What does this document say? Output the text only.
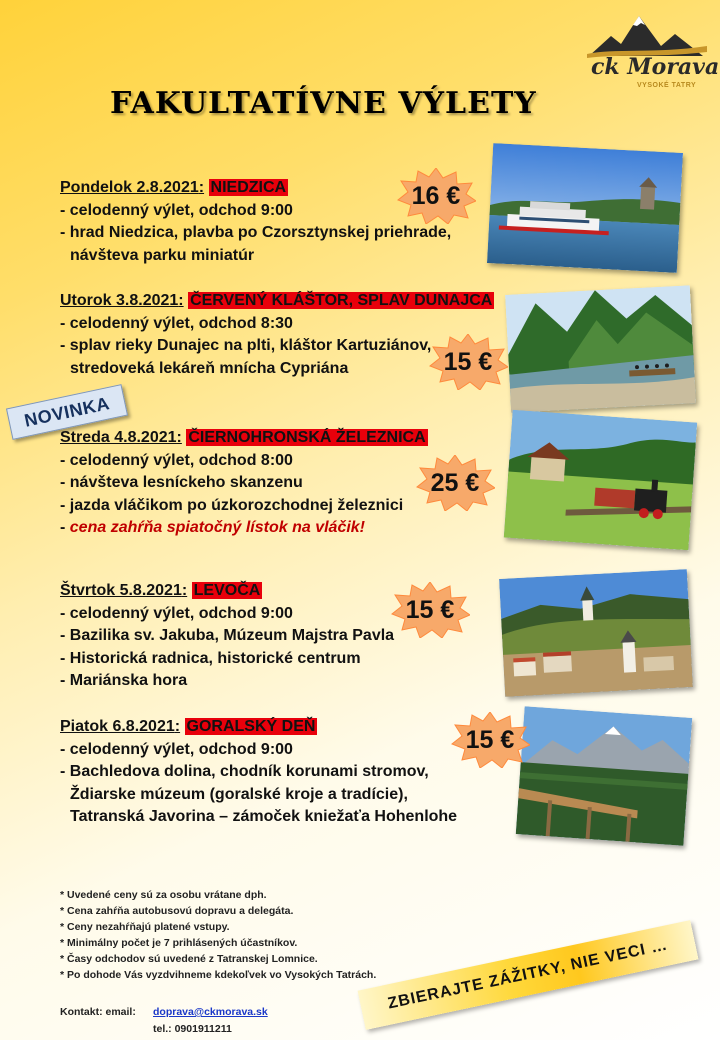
ck Morava
VYSOKÉ TATRY
FAKULTATÍVNE VÝLETY
NOVINKA
Pondelok 2.8.2021: NIEDZICA
- celodenný výlet, odchod 9:00
- hrad Niedzica, plavba po Czorsztynskej priehrade,
návšteva parku miniatúr
Utorok 3.8.2021: ČERVENÝ KLÁŠTOR, SPLAV DUNAJCA
- celodenný výlet, odchod 8:30
- splav rieky Dunajec na plti, kláštor Kartuziánov,
stredoveká lekáreň mnícha Cypriána
Streda 4.8.2021: ČIERNOHRONSKÁ ŽELEZNICA
- celodenný výlet, odchod 8:00
- návšteva lesníckeho skanzenu
- jazda vláčikom po úzkorozchodnej železnici
- cena zahŕňa spiatočný lístok na vláčik!
Štvrtok 5.8.2021: LEVOČA
- celodenný výlet, odchod 9:00
- Bazilika sv. Jakuba, Múzeum Majstra Pavla
- Historická radnica, historické centrum
- Mariánska hora
Piatok 6.8.2021: GORALSKÝ DEŇ
- celodenný výlet, odchod 9:00
- Bachledova dolina, chodník korunami stromov,
Ždiarske múzeum (goralské kroje a tradície),
Tatranská Javorina – zámoček kniežaťa Hohenlohe
16 €
15 €
25 €
15 €
15 €
* Uvedené ceny sú za osobu vrátane dph.
* Cena zahŕňa autobusovú dopravu a delegáta.
* Ceny nezahŕňajú platené vstupy.
* Minimálny počet je 7 prihlásených účastníkov.
* Časy odchodov sú uvedené z Tatranskej Lomnice.
* Po dohode Vás vyzdvihneme kdekoľvek vo Vysokých Tatrách. ZBIERAJTE ZÁŽITKY, NIE VECI …
Kontakt: email: doprava@ckmorava.sk
tel.: 0901911211
